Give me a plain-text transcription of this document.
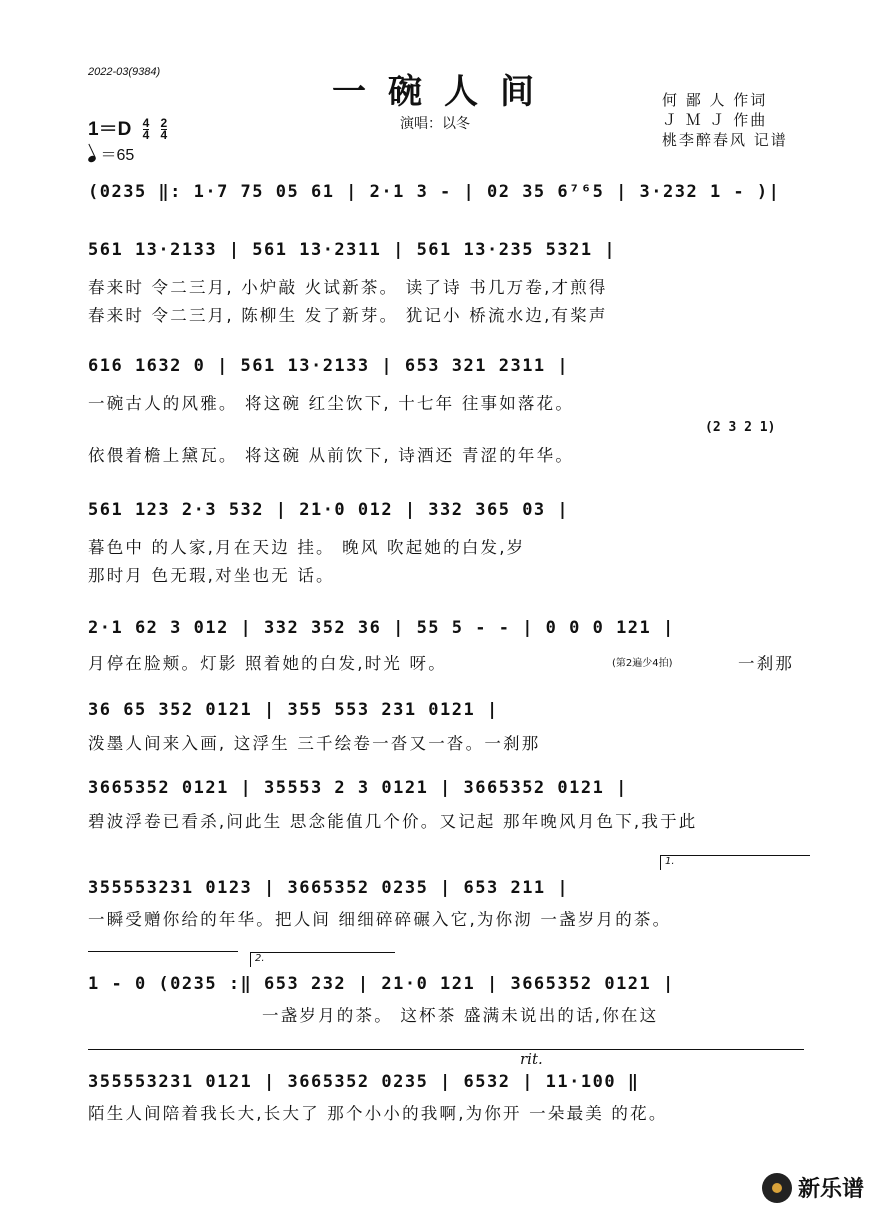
2022-03(9384)	一碗人间
演唱：以冬
何 鄙 人 作词
Ｊ Ｍ Ｊ 作曲
桃李醉春风 记谱
$1=D \frac{4}{4}$
$\frac{2}{4}$
＝65
(0235 ‖: 1·7 75 05 61 | 2·1 3 - | 02 35 6⁷⁶5 | 3·232 1 - )|
561 13·2133 | 561 13·2311 | 561 13·235 5321 |
春来时 令二三月, 小炉敲 火试新茶。 读了诗 书几万卷,才煎得
春来时 令二三月, 陈柳生 发了新芽。 犹记小 桥流水边,有桨声
616 1632 0 | 561 13·2133 | 653 321 2311 |
一碗古人的风雅。 将这碗 红尘饮下, 十七年 往事如落花。
(2 3 2 1)
依偎着檐上黛瓦。 将这碗 从前饮下, 诗酒还 青涩的年华。
561 123 2·3 532 | 21·0 012 | 332 365 03 |
暮色中 的人家,月在天边 挂。 晚风 吹起她的白发,岁
那时月 色无瑕,对坐也无 话。
2·1 62 3 012 | 332 352 36 | 55 5 - - | 0 0 0 121 |
月停在脸颊。灯影 照着她的白发,时光 呀。	(第2遍少4拍)	一刹那
36 65 352 0121 | 355 553 231 0121 |
泼墨人间来入画, 这浮生 三千绘卷一沓又一沓。一刹那
3665352 0121 | 35553 2 3 0121 | 3665352 0121 |
碧波浮卷已看杀,问此生 思念能值几个价。又记起 那年晚风月色下,我于此
1.
355553231 0123 | 3665352 0235 | 653 211 |
一瞬受赠你给的年华。把人间 细细碎碎碾入它,为你沏 一盏岁月的茶。
2.
1 - 0 (0235 :‖ 653 232 | 21·0 121 | 3665352 0121 |
一盏岁月的茶。 这杯茶 盛满未说出的话,你在这
rit.
355553231 0121 | 3665352 0235 | 6532 | 11·100 ‖
陌生人间陪着我长大,长大了 那个小小的我啊,为你开 一朵最美 的花。
新乐谱
